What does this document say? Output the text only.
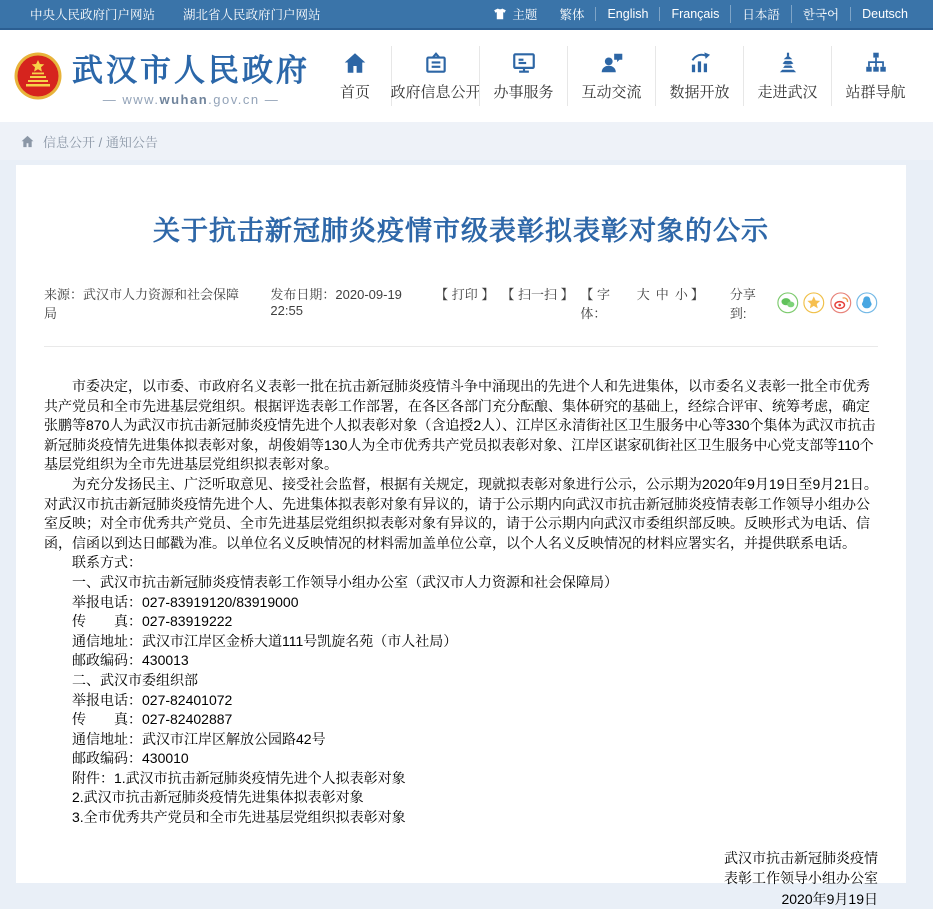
中央人民政府门户网站 湖北省人民政府门户网站	主题 繁体 English Français 日本語 한국어 Deutsch
武汉市人民政府
— www.wuhan.gov.cn —	首页 政府信息公开 办事服务 互动交流 数据开放 走进武汉 站群导航
信息公开 / 通知公告
关于抗击新冠肺炎疫情市级表彰拟表彰对象的公示
来源：武汉市人力资源和社会保障局
发布日期：2020-09-19 22:55
【 打印 】 【 扫一扫 】 【 字体：
大 中 小 】 分享到:

市委决定，以市委、市政府名义表彰一批在抗击新冠肺炎疫情斗争中涌现出的先进个人和先进集体，以市委名义表彰一批全市优秀共产党员和全市先进基层党组织。根据评选表彰工作部署，在各区各部门充分酝酿、集体研究的基础上，经综合评审、统筹考虑，确定张鹏等870人为武汉市抗击新冠肺炎疫情先进个人拟表彰对象（含追授2人）、江岸区永清街社区卫生服务中心等330个集体为武汉市抗击新冠肺炎疫情先进集体拟表彰对象，胡俊娟等130人为全市优秀共产党员拟表彰对象、江岸区谌家矶街社区卫生服务中心党支部等110个基层党组织为全市先进基层党组织拟表彰对象。

为充分发扬民主、广泛听取意见、接受社会监督，根据有关规定，现就拟表彰对象进行公示，公示期为2020年9月19日至9月21日。对武汉市抗击新冠肺炎疫情先进个人、先进集体拟表彰对象有异议的，请于公示期内向武汉市抗击新冠肺炎疫情表彰工作领导小组办公室反映；对全市优秀共产党员、全市先进基层党组织拟表彰对象有异议的，请于公示期内向武汉市委组织部反映。反映形式为电话、信函，信函以到达日邮戳为准。以单位名义反映情况的材料需加盖单位公章，以个人名义反映情况的材料应署实名，并提供联系电话。

联系方式：

一、武汉市抗击新冠肺炎疫情表彰工作领导小组办公室（武汉市人力资源和社会保障局）

举报电话：027-83919120/83919000

传　　真：027-83919222

通信地址：武汉市江岸区金桥大道111号凯旋名苑（市人社局）

邮政编码：430013

二、武汉市委组织部

举报电话：027-82401072

传　　真：027-82402887

通信地址：武汉市江岸区解放公园路42号

邮政编码：430010

附件：1.武汉市抗击新冠肺炎疫情先进个人拟表彰对象

2.武汉市抗击新冠肺炎疫情先进集体拟表彰对象

3.全市优秀共产党员和全市先进基层党组织拟表彰对象

武汉市抗击新冠肺炎疫情
表彰工作领导小组办公室
2020年9月19日
